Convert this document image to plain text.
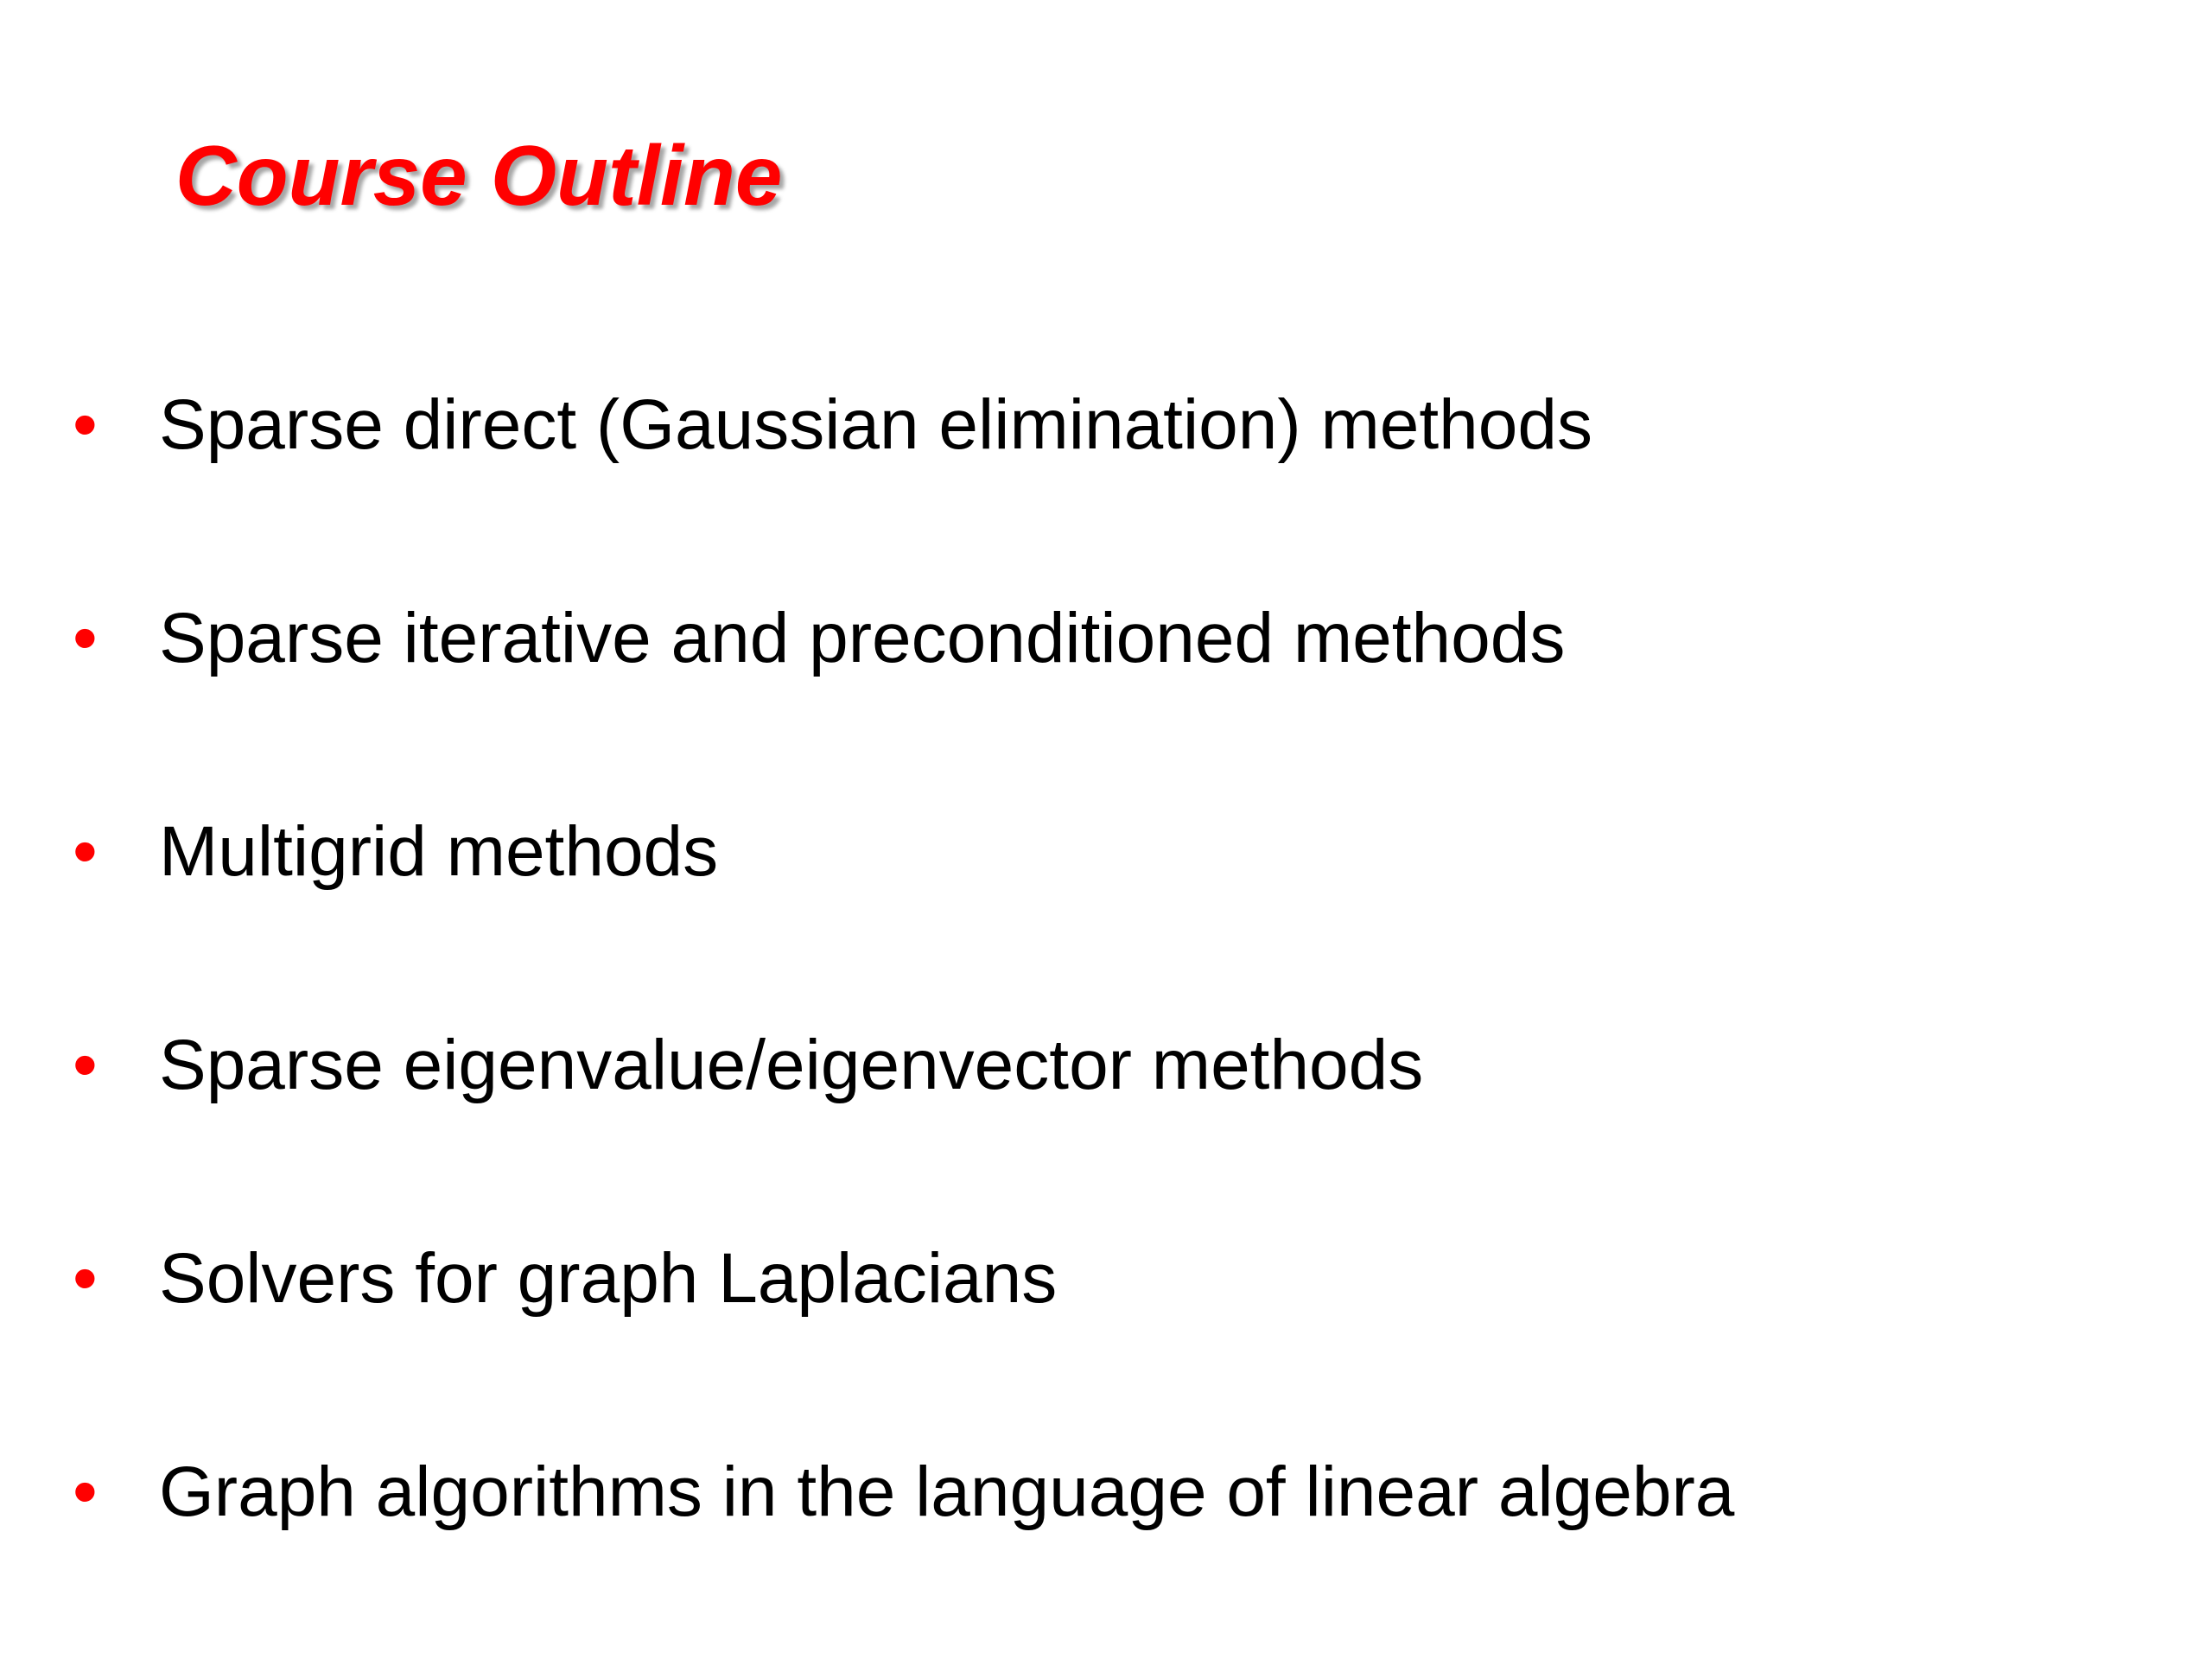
Course Outline
• Sparse direct (Gaussian elimination) methods
• Sparse iterative and preconditioned methods
• Multigrid methods
• Sparse eigenvalue/eigenvector methods
• Solvers for graph Laplacians
• Graph algorithms in the language of linear algebra
